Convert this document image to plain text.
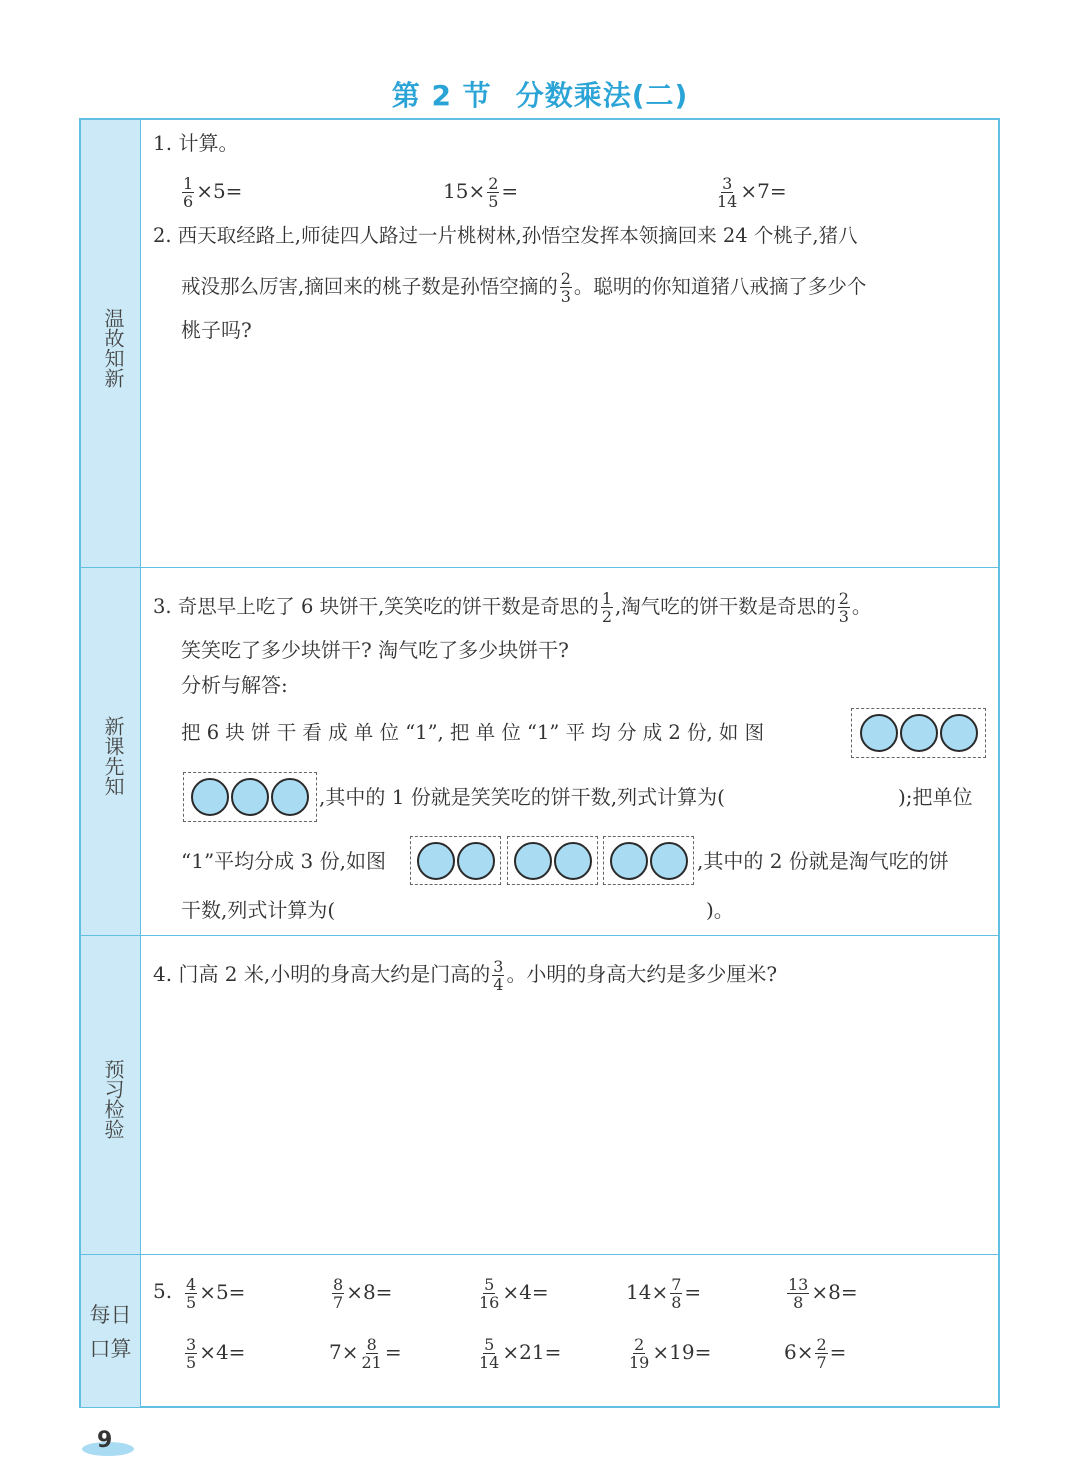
第 2 节 分数乘法(二)
温故知新
新课先知
预习检验
每日
口算
1. 计算。
$\frac{1}{6} \times 5=$	$15\times \frac{2}{5}$ =	$\frac{3}{14} \times 7=$
2. 西天取经路上,师徒四人路过一片桃树林,孙悟空发挥本领摘回来 24 个桃子,猪八
戒没那么厉害,摘回来的桃子数是孙悟空摘的 $\frac{2}{3}$ 。聪明的你知道猪八戒摘了多少个
桃子吗?
3. 奇思早上吃了 6 块饼干,笑笑吃的饼干数是奇思的 $\frac{1}{2}$ ,淘气吃的饼干数是奇思的 $\frac{2}{3}$ 。
笑笑吃了多少块饼干? 淘气吃了多少块饼干?
分析与解答:
把 6 块 饼 干 看 成 单 位 “1”, 把 单 位 “1” 平 均 分 成 2 份, 如 图
,其中的 1 份就是笑笑吃的饼干数,列式计算为(	);把单位
“1”平均分成 3 份,如图	,其中的 2 份就是淘气吃的饼
干数,列式计算为(	)。
4. 门高 2 米,小明的身高大约是门高的 $\frac{3}{4}$ 。小明的身高大约是多少厘米?
5. $\frac{4}{5} \times 5=$	$\frac{8}{7} \times 8=$	$\frac{5}{16} \times 4=$	$14\times \frac{7}{8}$ =	$\frac{13}{8} \times 8=$
$\frac{3}{5} \times 4=$	$7\times \frac{8}{21}$ =	$\frac{5}{14} \times 21=$	$\frac{2}{19} \times 19=$	$6\times \frac{2}{7}$ =
9
